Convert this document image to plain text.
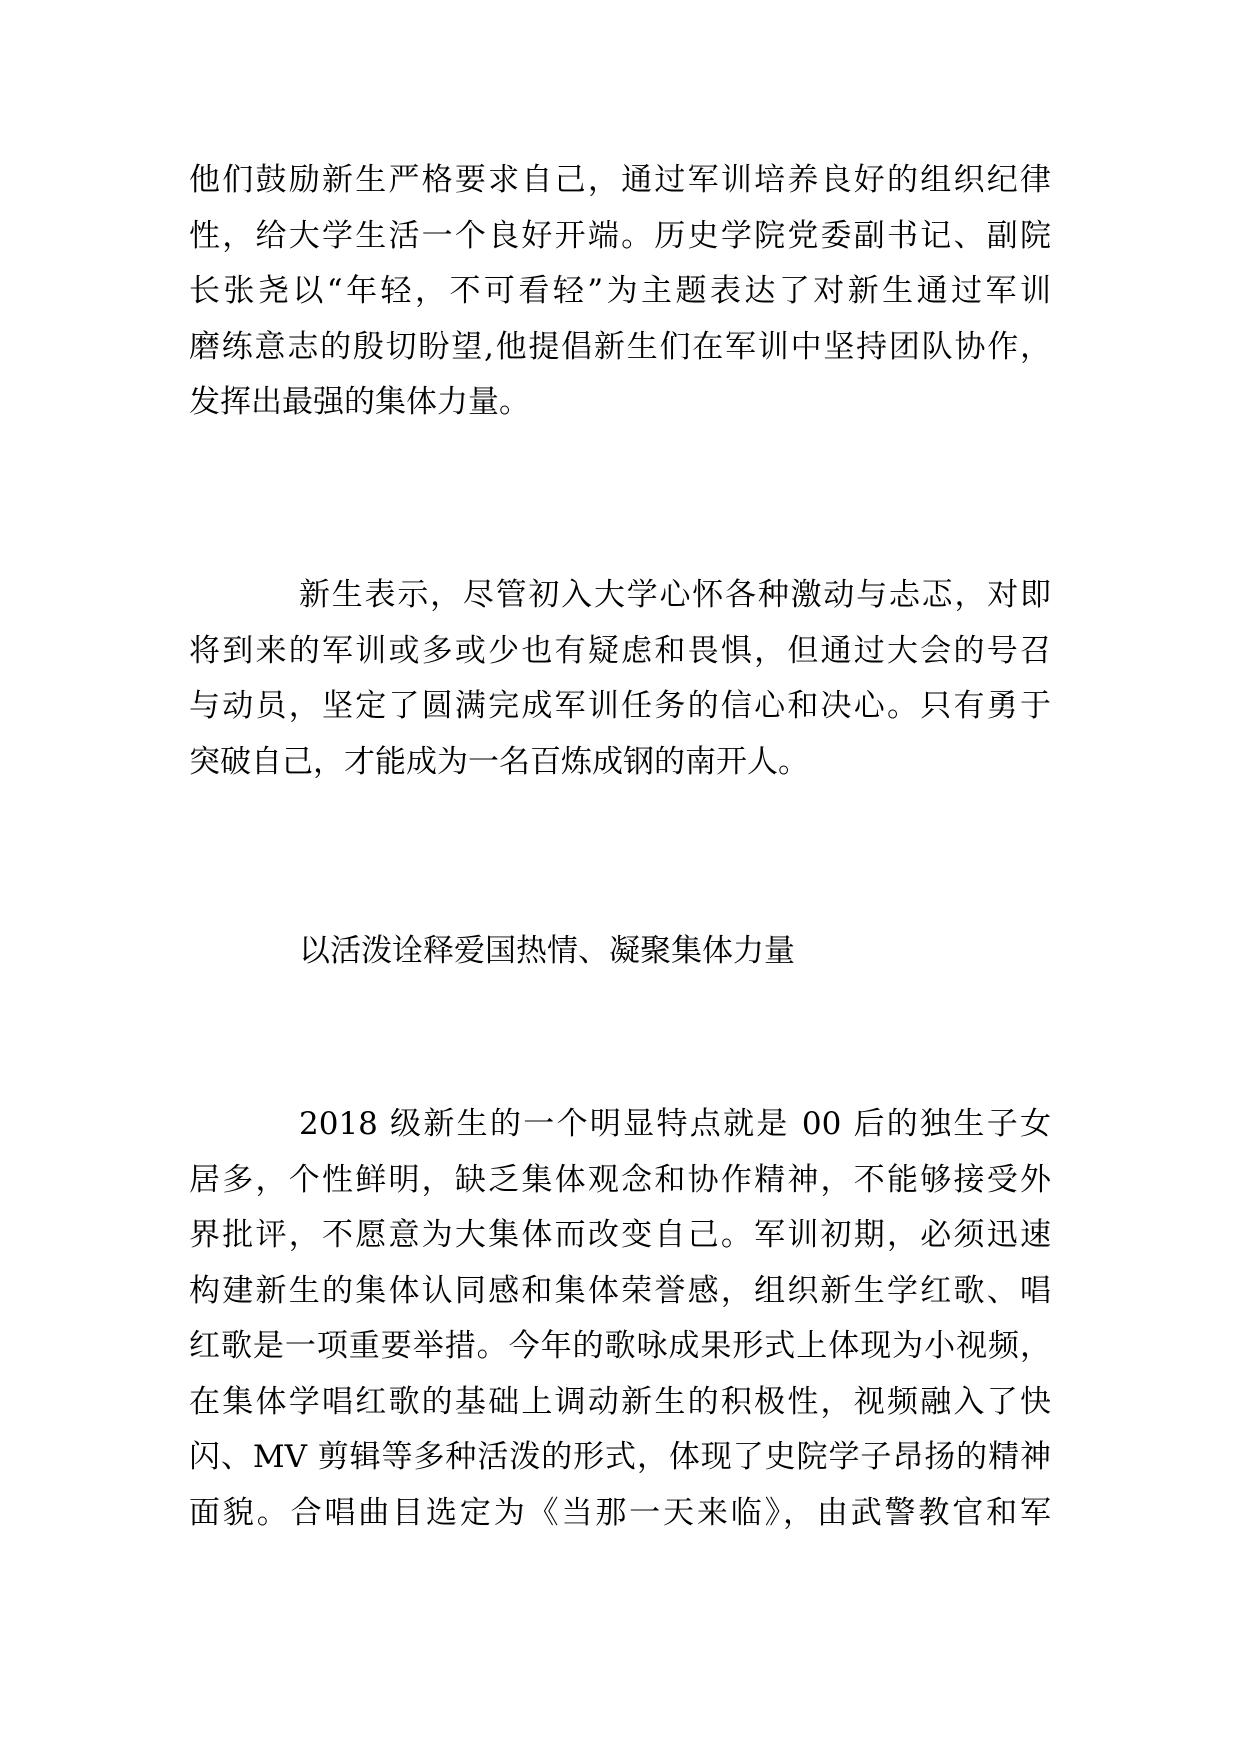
他们鼓励新生严格要求自己，通过军训培养良好的组织纪律
性，给大学生活一个良好开端。历史学院党委副书记、副院
长张尧以“年轻，不可看轻”为主题表达了对新生通过军训
磨练意志的殷切盼望,他提倡新生们在军训中坚持团队协作，
发挥出最强的集体力量。
新生表示，尽管初入大学心怀各种激动与忐忑，对即
将到来的军训或多或少也有疑虑和畏惧，但通过大会的号召
与动员，坚定了圆满完成军训任务的信心和决心。只有勇于
突破自己，才能成为一名百炼成钢的南开人。
以活泼诠释爱国热情、凝聚集体力量
2018 级新生的一个明显特点就是 00 后的独生子女
居多，个性鲜明，缺乏集体观念和协作精神，不能够接受外
界批评，不愿意为大集体而改变自己。军训初期，必须迅速
构建新生的集体认同感和集体荣誉感，组织新生学红歌、唱
红歌是一项重要举措。今年的歌咏成果形式上体现为小视频，
在集体学唱红歌的基础上调动新生的积极性，视频融入了快
闪、MV 剪辑等多种活泼的形式，体现了史院学子昂扬的精神
面貌。合唱曲目选定为《当那一天来临》，由武警教官和军
